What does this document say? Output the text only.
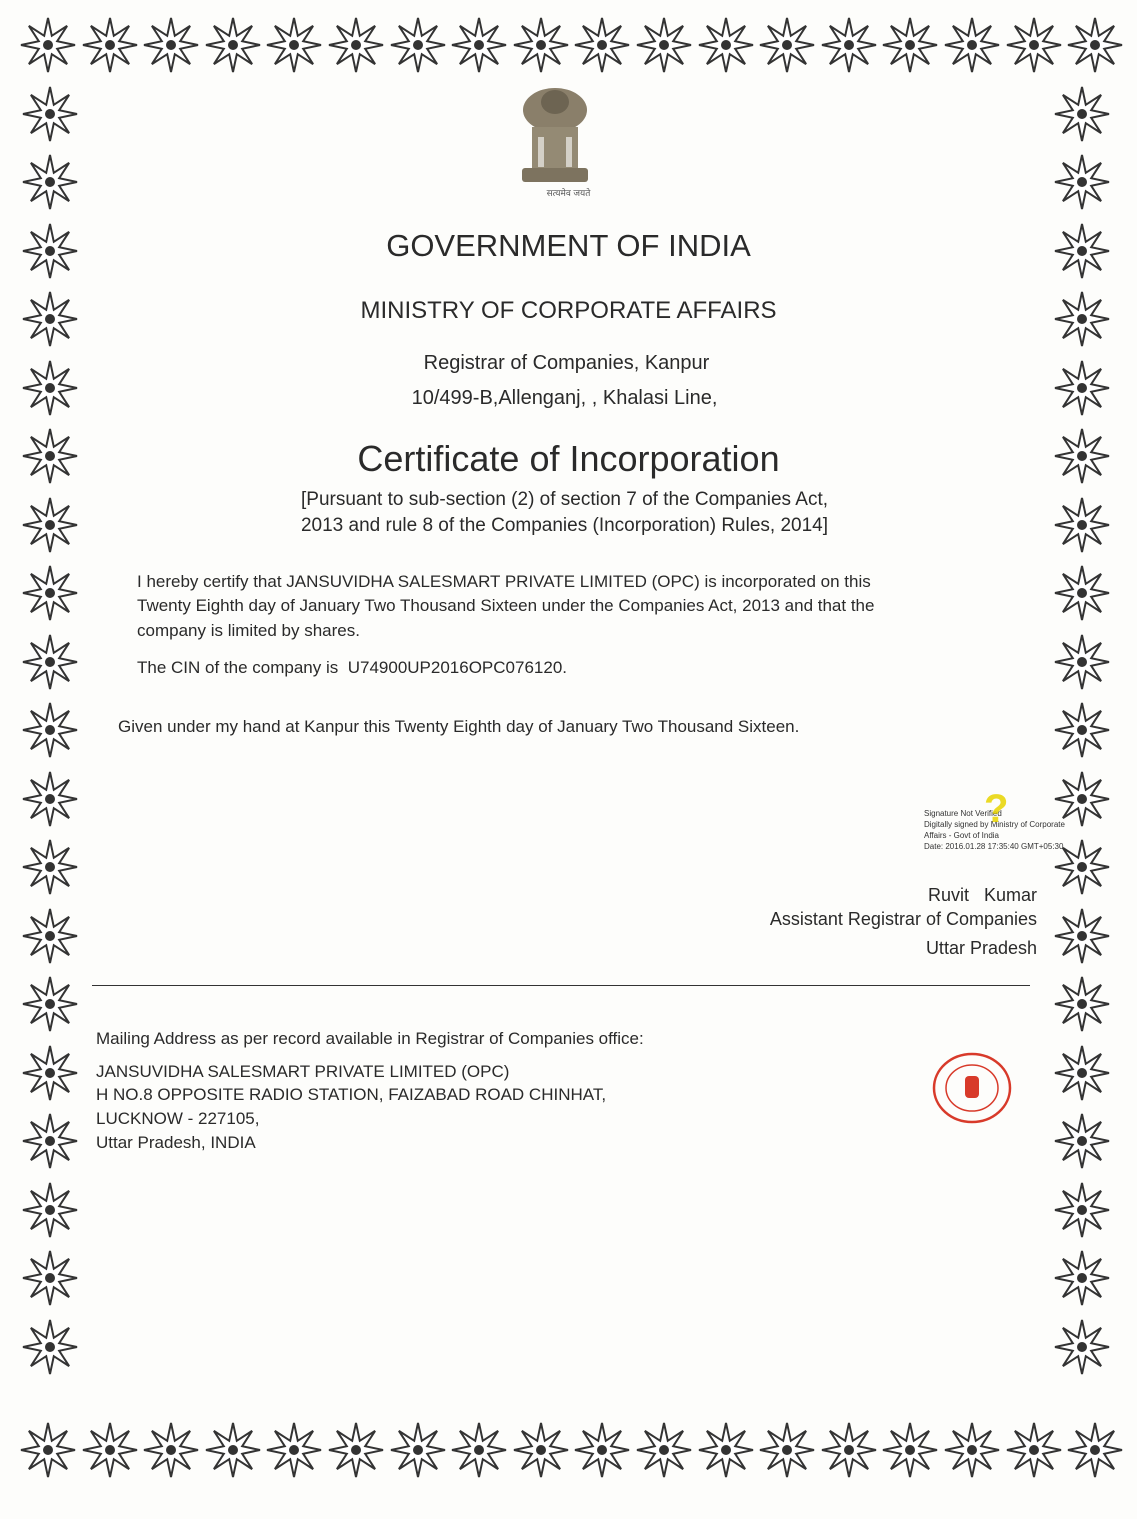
सत्यमेव जयते
GOVERNMENT OF INDIA
MINISTRY OF CORPORATE AFFAIRS
Registrar of Companies, Kanpur
10/499-B,Allenganj, , Khalasi Line,
Certificate of Incorporation
[Pursuant to sub-section (2) of section 7 of the Companies Act,
2013 and rule 8 of the Companies (Incorporation) Rules, 2014]
I hereby certify that JANSUVIDHA SALESMART PRIVATE LIMITED (OPC) is incorporated on this
Twenty Eighth day of January Two Thousand Sixteen under the Companies Act, 2013 and that the
company is limited by shares.
The CIN of the company is U74900UP2016OPC076120.
Given under my hand at Kanpur this Twenty Eighth day of January Two Thousand Sixteen.
?
Signature Not Verified
Digitally signed by Ministry of Corporate
Affairs - Govt of India
Date: 2016.01.28 17:35:40 GMT+05:30
Ruvit   Kumar
Assistant Registrar of Companies
Uttar Pradesh
Mailing Address as per record available in Registrar of Companies office:
JANSUVIDHA SALESMART PRIVATE LIMITED (OPC)
H NO.8 OPPOSITE RADIO STATION, FAIZABAD ROAD CHINHAT,
LUCKNOW - 227105,
Uttar Pradesh, INDIA
